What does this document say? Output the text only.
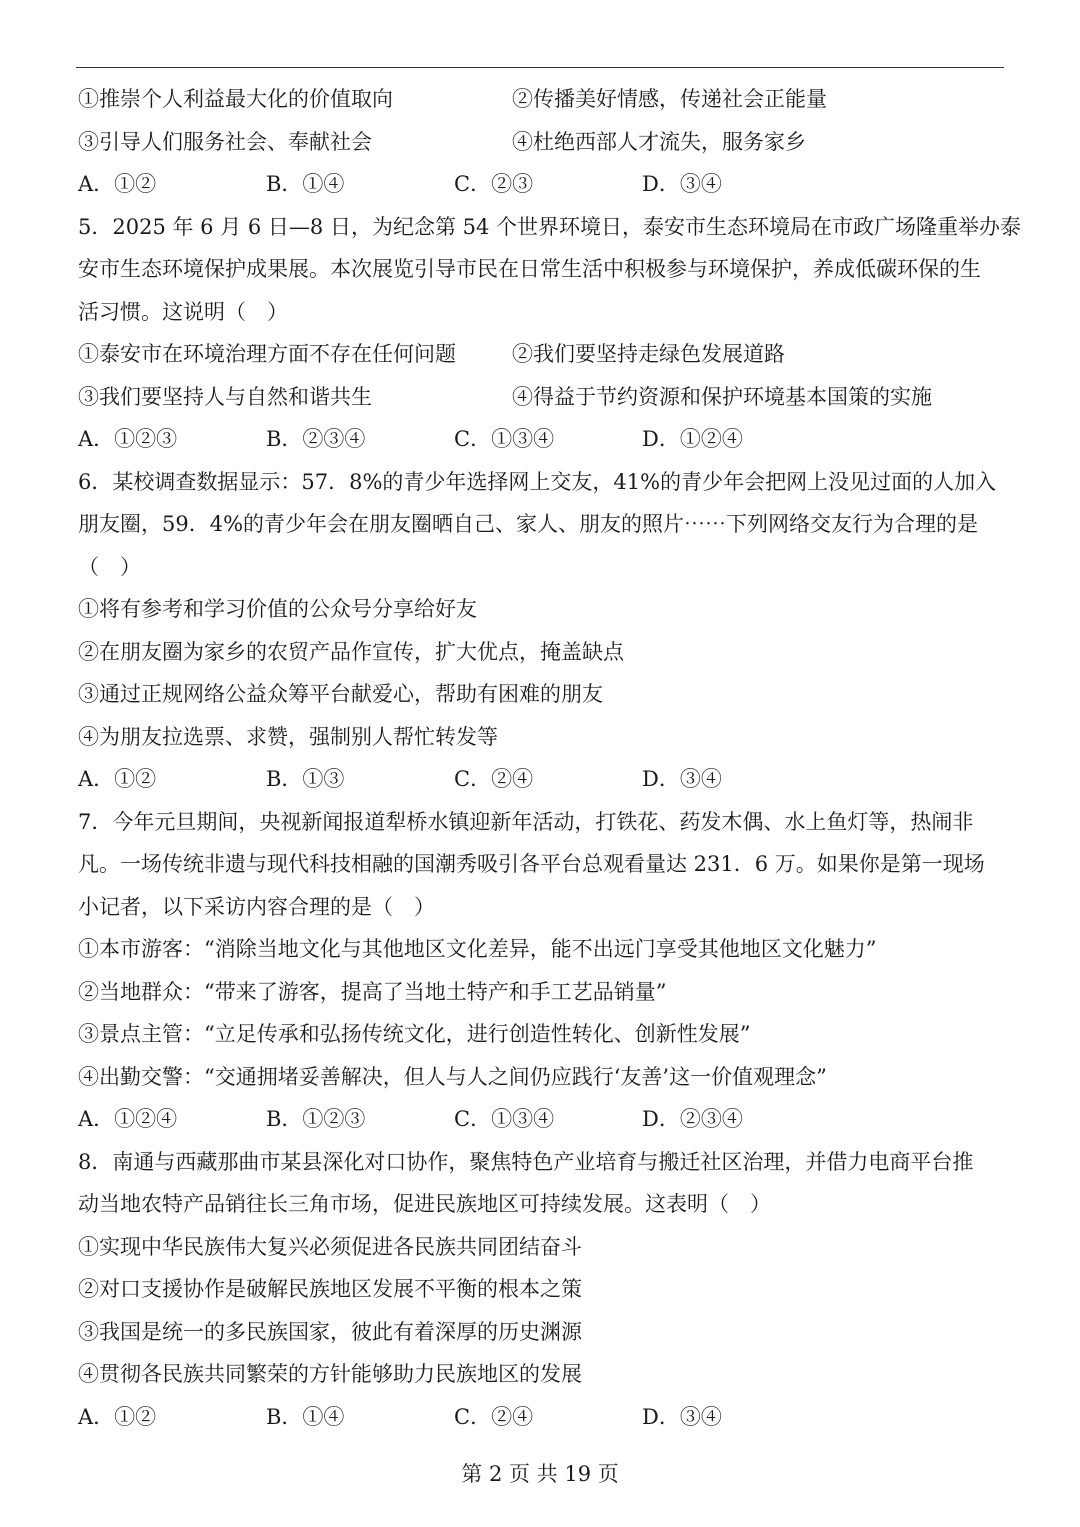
①推崇个人利益最大化的价值取向	②传播美好情感，传递社会正能量
③引导人们服务社会、奉献社会	④杜绝西部人才流失，服务家乡
A．①②	B．①④	C．②③	D．③④
5．2025 年 6 月 6 日—8 日，为纪念第 54 个世界环境日，泰安市生态环境局在市政广场隆重举办泰
安市生态环境保护成果展。本次展览引导市民在日常生活中积极参与环境保护，养成低碳环保的生
活习惯。这说明（　）
①泰安市在环境治理方面不存在任何问题	②我们要坚持走绿色发展道路
③我们要坚持人与自然和谐共生	④得益于节约资源和保护环境基本国策的实施
A．①②③	B．②③④	C．①③④	D．①②④
6．某校调查数据显示：57．8%的青少年选择网上交友，41%的青少年会把网上没见过面的人加入
朋友圈，59．4%的青少年会在朋友圈晒自己、家人、朋友的照片⋯⋯下列网络交友行为合理的是
（　）
①将有参考和学习价值的公众号分享给好友
②在朋友圈为家乡的农贸产品作宣传，扩大优点，掩盖缺点
③通过正规网络公益众筹平台献爱心，帮助有困难的朋友
④为朋友拉选票、求赞，强制别人帮忙转发等
A．①②	B．①③	C．②④	D．③④
7．今年元旦期间，央视新闻报道犁桥水镇迎新年活动，打铁花、药发木偶、水上鱼灯等，热闹非
凡。一场传统非遗与现代科技相融的国潮秀吸引各平台总观看量达 231．6 万。如果你是第一现场
小记者，以下采访内容合理的是（　）
①本市游客：“消除当地文化与其他地区文化差异，能不出远门享受其他地区文化魅力”
②当地群众：“带来了游客，提高了当地土特产和手工艺品销量”
③景点主管：“立足传承和弘扬传统文化，进行创造性转化、创新性发展”
④出勤交警：“交通拥堵妥善解决，但人与人之间仍应践行‘友善’这一价值观理念”
A．①②④	B．①②③	C．①③④	D．②③④
8．南通与西藏那曲市某县深化对口协作，聚焦特色产业培育与搬迁社区治理，并借力电商平台推
动当地农特产品销往长三角市场，促进民族地区可持续发展。这表明（　）
①实现中华民族伟大复兴必须促进各民族共同团结奋斗
②对口支援协作是破解民族地区发展不平衡的根本之策
③我国是统一的多民族国家，彼此有着深厚的历史渊源
④贯彻各民族共同繁荣的方针能够助力民族地区的发展
A．①②	B．①④	C．②④	D．③④
第 2 页 共 19 页
